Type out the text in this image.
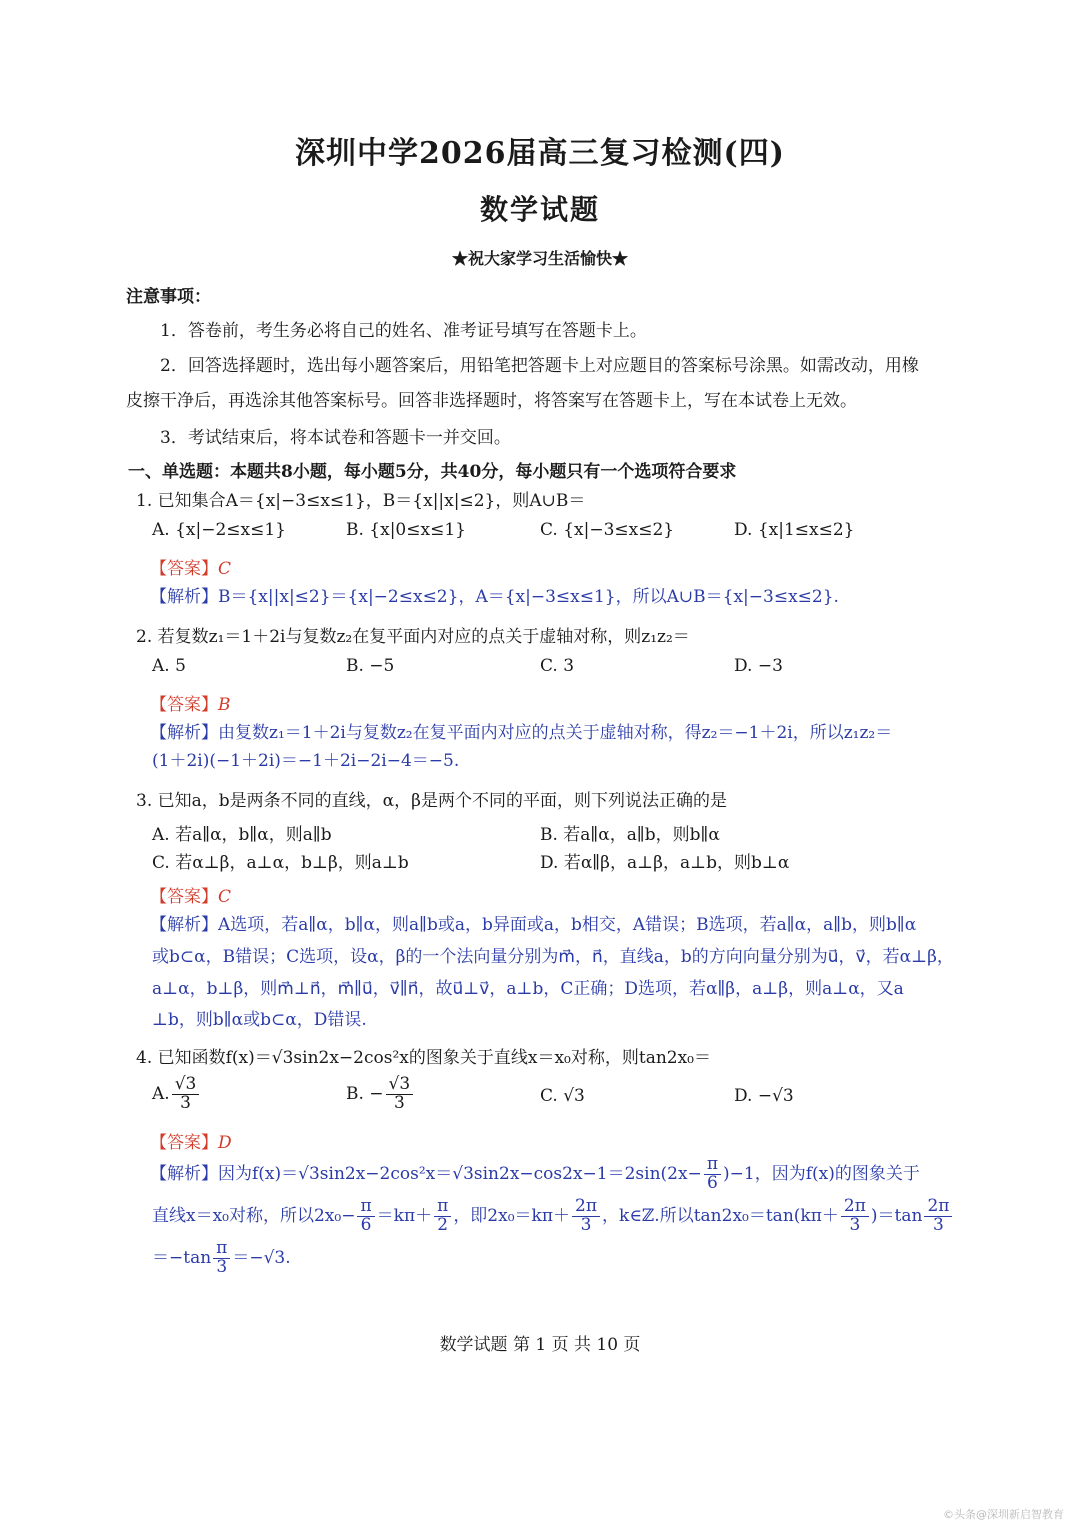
深圳中学2026届高三复习检测(四)
数学试题
★祝大家学习生活愉快★
注意事项：
1．答卷前，考生务必将自己的姓名、准考证号填写在答题卡上。
2．回答选择题时，选出每小题答案后，用铅笔把答题卡上对应题目的答案标号涂黑。如需改动，用橡
皮擦干净后，再选涂其他答案标号。回答非选择题时，将答案写在答题卡上，写在本试卷上无效。
3．考试结束后，将本试卷和答题卡一并交回。
一、单选题：本题共8小题，每小题5分，共40分，每小题只有一个选项符合要求
1. 已知集合A＝{x|−3≤x≤1}，B＝{x||x|≤2}，则A∪B＝
A. {x|−2≤x≤1}	B. {x|0≤x≤1}	C. {x|−3≤x≤2}	D. {x|1≤x≤2}
【答案】C
【解析】B＝{x||x|≤2}＝{x|−2≤x≤2}，A＝{x|−3≤x≤1}，所以A∪B＝{x|−3≤x≤2}.
2. 若复数z₁＝1＋2i与复数z₂在复平面内对应的点关于虚轴对称，则z₁z₂＝
A. 5	B. −5	C. 3	D. −3
【答案】B
【解析】由复数z₁＝1＋2i与复数z₂在复平面内对应的点关于虚轴对称，得z₂＝−1＋2i，所以z₁z₂＝
(1＋2i)(−1＋2i)＝−1＋2i−2i−4＝−5.
3. 已知a，b是两条不同的直线，α，β是两个不同的平面，则下列说法正确的是
A. 若a∥α，b∥α，则a∥b	B. 若a∥α，a∥b，则b∥α
C. 若α⊥β，a⊥α，b⊥β，则a⊥b	D. 若α∥β，a⊥β，a⊥b，则b⊥α
【答案】C
【解析】A选项，若a∥α，b∥α，则a∥b或a，b异面或a，b相交，A错误；B选项，若a∥α，a∥b，则b∥α
或b⊂α，B错误；C选项，设α，β的一个法向量分别为m⃗，n⃗，直线a，b的方向向量分别为u⃗，v⃗，若α⊥β，
a⊥α，b⊥β，则m⃗⊥n⃗，m⃗∥u⃗，v⃗∥n⃗，故u⃗⊥v⃗，a⊥b，C正确；D选项，若α∥β，a⊥β，则a⊥α，又a
⊥b，则b∥α或b⊂α，D错误.
4. 已知函数f(x)＝√3sin2x−2cos²x的图象关于直线x＝x₀对称，则tan2x₀＝
A. $\frac{√3}{3}$	B. − $\frac{√3}{3}$	C. √3	D. −√3
【答案】D
【解析】因为$f(x)=√3\sin 2x-2\cos^2x=√3\sin 2x-\cos 2x-1=2\sin(2x- \frac{\pi}{6} )-1$，因为f(x)的图象关于
直线x＝x₀对称，所以$2x_0- \frac{\pi}{6} =k\pi+ \frac{\pi}{2}$ ，即$2x_0=k\pi+ \frac{2\pi}{3}$ ，k∈ℤ.所以$\tan 2x_0=\tan(k\pi+ \frac{2\pi}{3} )=\tan \frac{2\pi}{3}$
$=-\tan \frac{\pi}{3} =-√3$.
数学试题 第 1 页 共 10 页
©头条@深圳新启智教育
